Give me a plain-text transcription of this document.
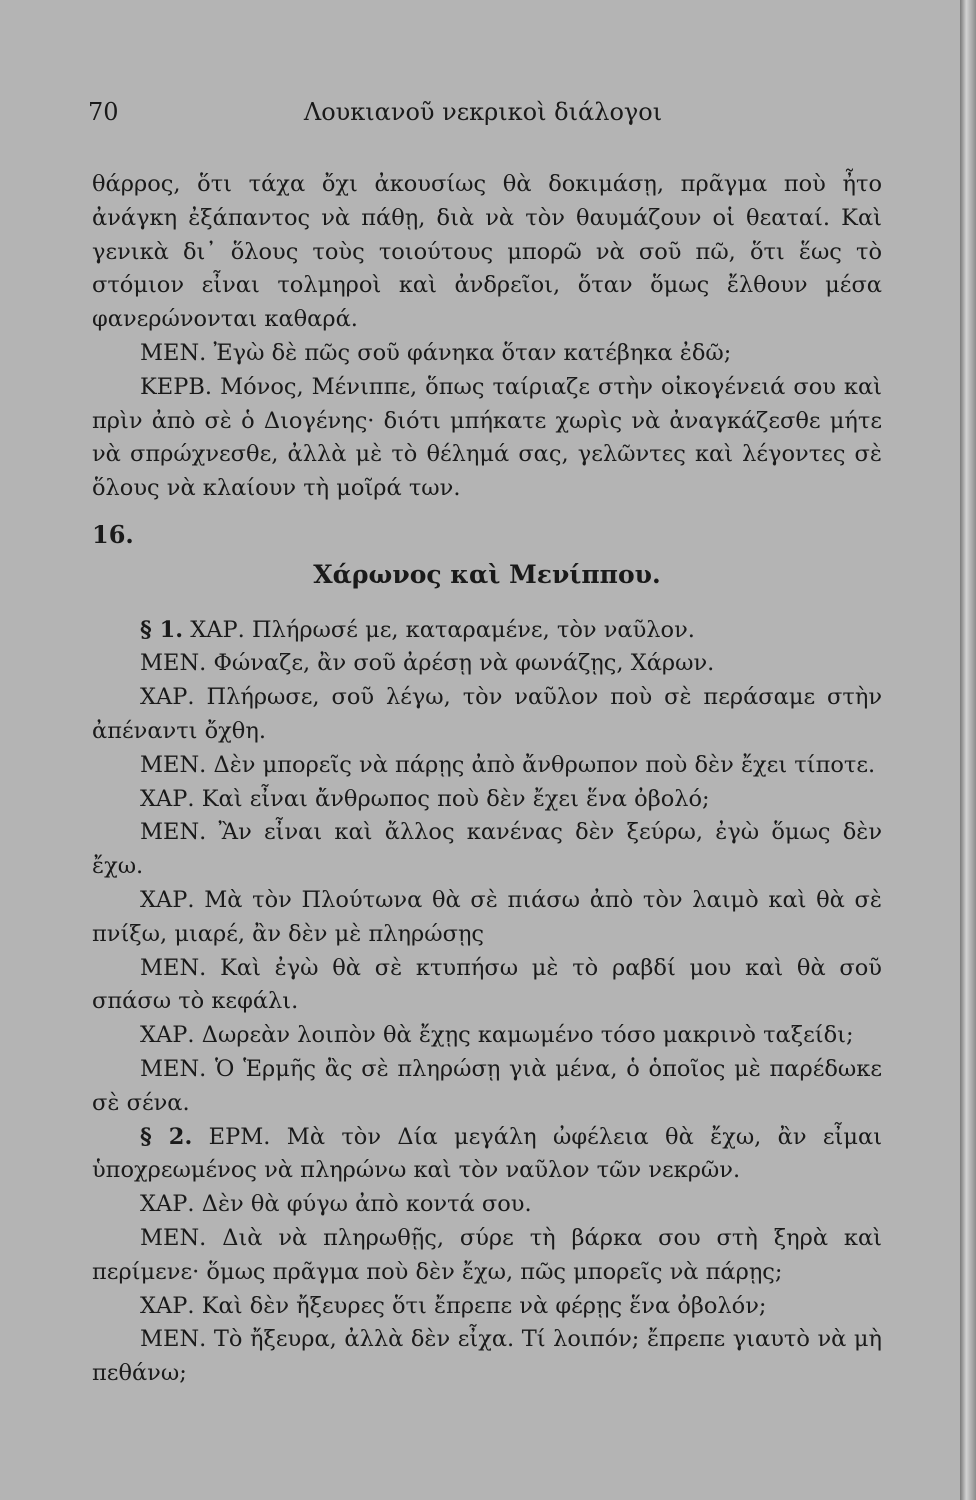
70	Λουκιανοῦ νεκρικοὶ διάλογοι

θάρρος, ὅτι τάχα ὄχι ἀκουσίως θὰ δοκιμάσῃ, πρᾶγμα ποὺ ἦτο ἀνάγκη ἐξάπαντος νὰ πάθῃ, διὰ νὰ τὸν θαυμάζουν οἱ θεαταί. Καὶ γενικὰ δι᾽ ὅλους τοὺς τοιούτους μπορῶ νὰ σοῦ πῶ, ὅτι ἕως τὸ στόμιον εἶναι τολμηροὶ καὶ ἀνδρεῖοι, ὅταν ὅμως ἔλθουν μέσα φανερώνονται καθαρά.

ΜΕΝ. Ἐγὼ δὲ πῶς σοῦ φάνηκα ὅταν κατέβηκα ἐδῶ;

ΚΕΡΒ. Μόνος, Μένιππε, ὅπως ταίριαζε στὴν οἰκογένειά σου καὶ πρὶν ἀπὸ σὲ ὁ Διογένης· διότι μπήκατε χωρὶς νὰ ἀναγκάζεσθε μήτε νὰ σπρώχνεσθε, ἀλλὰ μὲ τὸ θέλημά σας, γελῶντες καὶ λέγοντες σὲ ὅλους νὰ κλαίουν τὴ μοῖρά των.

16.

Χάρωνος καὶ Μενίππου.

§ 1. ΧΑΡ. Πλήρωσέ με, καταραμένε, τὸν ναῦλον.

ΜΕΝ. Φώναζε, ἂν σοῦ ἀρέσῃ νὰ φωνάζῃς, Χάρων.

ΧΑΡ. Πλήρωσε, σοῦ λέγω, τὸν ναῦλον ποὺ σὲ περάσαμε στὴν ἀπέναντι ὄχθη.

ΜΕΝ. Δὲν μπορεῖς νὰ πάρῃς ἀπὸ ἄνθρωπον ποὺ δὲν ἔχει τίποτε.

ΧΑΡ. Καὶ εἶναι ἄνθρωπος ποὺ δὲν ἔχει ἕνα ὀβολό;

ΜΕΝ. Ἂν εἶναι καὶ ἄλλος κανένας δὲν ξεύρω, ἐγὼ ὅμως δὲν ἔχω.

ΧΑΡ. Μὰ τὸν Πλούτωνα θὰ σὲ πιάσω ἀπὸ τὸν λαιμὸ καὶ θὰ σὲ πνίξω, μιαρέ, ἂν δὲν μὲ πληρώσῃς

ΜΕΝ. Καὶ ἐγὼ θὰ σὲ κτυπήσω μὲ τὸ ραβδί μου καὶ θὰ σοῦ σπάσω τὸ κεφάλι.

ΧΑΡ. Δωρεὰν λοιπὸν θὰ ἔχῃς καμωμένο τόσο μακρινὸ ταξείδι;

ΜΕΝ. Ὁ Ἑρμῆς ἂς σὲ πληρώσῃ γιὰ μένα, ὁ ὁποῖος μὲ παρέδωκε σὲ σένα.

§ 2. ΕΡΜ. Μὰ τὸν Δία μεγάλη ὠφέλεια θὰ ἔχω, ἂν εἶμαι ὑποχρεωμένος νὰ πληρώνω καὶ τὸν ναῦλον τῶν νεκρῶν.

ΧΑΡ. Δὲν θὰ φύγω ἀπὸ κοντά σου.

ΜΕΝ. Διὰ νὰ πληρωθῇς, σύρε τὴ βάρκα σου στὴ ξηρὰ καὶ περίμενε· ὅμως πρᾶγμα ποὺ δὲν ἔχω, πῶς μπορεῖς νὰ πάρῃς;

ΧΑΡ. Καὶ δὲν ἤξευρες ὅτι ἔπρεπε νὰ φέρῃς ἕνα ὀβολόν;

ΜΕΝ. Τὸ ἤξευρα, ἀλλὰ δὲν εἶχα. Τί λοιπόν; ἔπρεπε γιαυτὸ νὰ μὴ πεθάνω;
